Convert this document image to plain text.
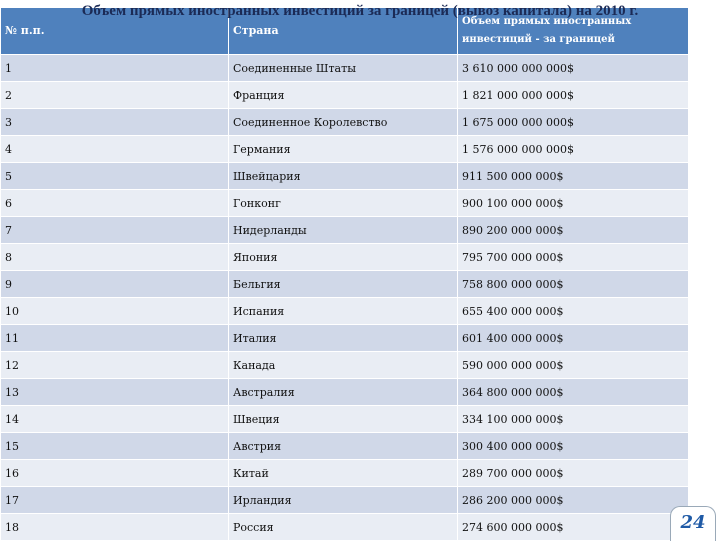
Объем прямых иностранных инвестиций за границей (вывоз капитала) на 2010 г.
№ п.п.	Страна	Объем прямых иностранных инвестиций - за границей
1	Соединенные Штаты	3 610 000 000 000$
2	Франция	1 821 000 000 000$
3	Соединенное Королевство	1 675 000 000 000$
4	Германия	1 576 000 000 000$
5	Швейцария	911 500 000 000$
6	Гонконг	900 100 000 000$
7	Нидерланды	890 200 000 000$
8	Япония	795 700 000 000$
9	Бельгия	758 800 000 000$
10	Испания	655 400 000 000$
11	Италия	601 400 000 000$
12	Канада	590 000 000 000$
13	Австралия	364 800 000 000$
14	Швеция	334 100 000 000$
15	Австрия	300 400 000 000$
16	Китай	289 700 000 000$
17	Ирландия	286 200 000 000$
18	Россия	274 600 000 000$	24
